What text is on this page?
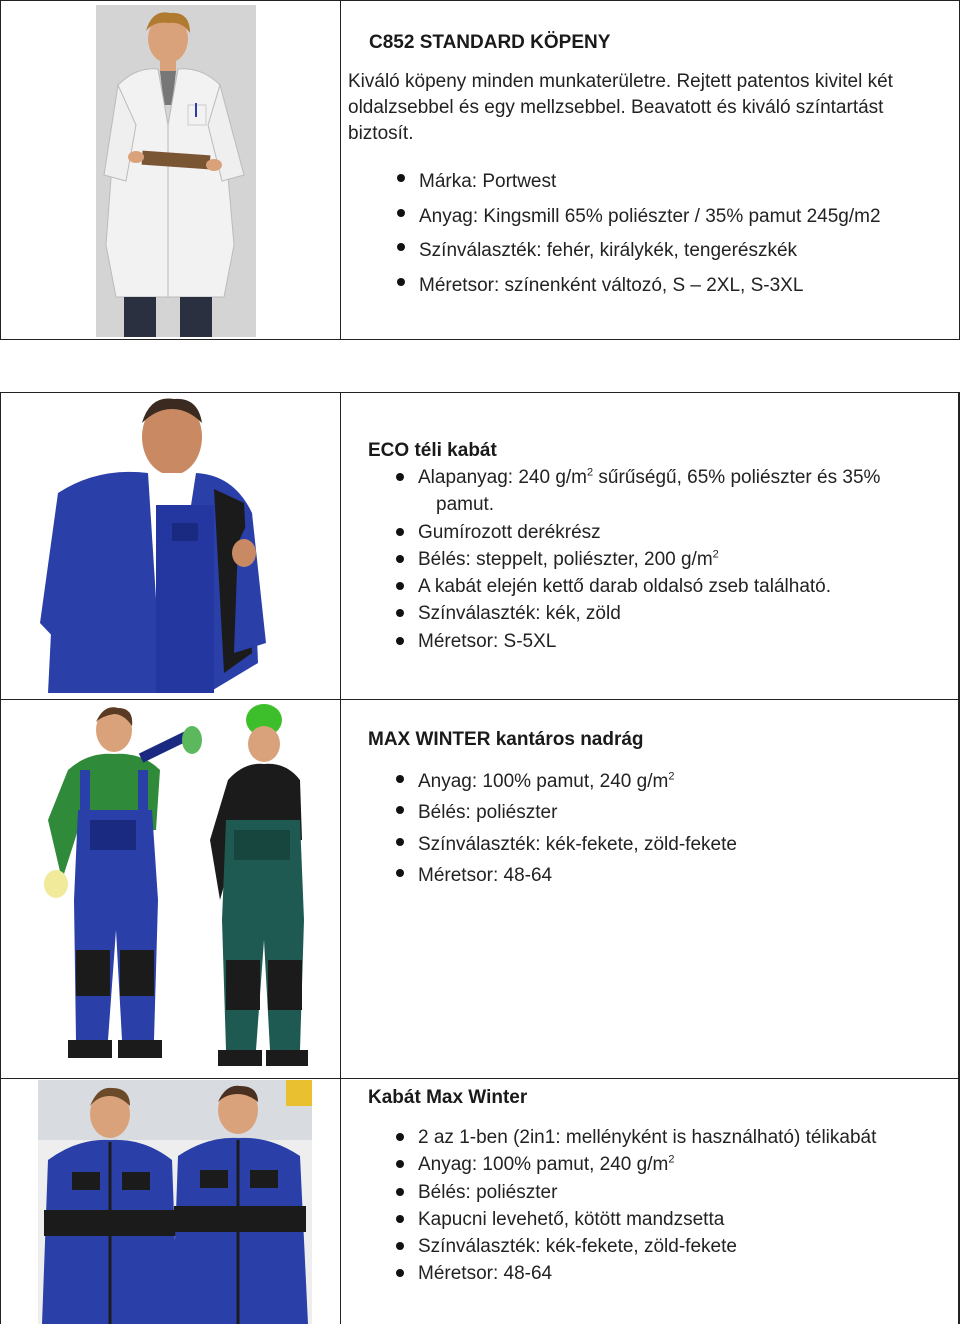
C852 STANDARD KÖPENY
Kiváló köpeny minden munkaterületre. Rejtett patentos kivitel két
oldalzsebbel és egy mellzsebbel. Beavatott és kiváló színtartást
biztosít.
Márka: Portwest
Anyag: Kingsmill 65% poliészter / 35% pamut 245g/m2
Színválaszték: fehér, királykék, tengerészkék
Méretsor: színenként változó, S – 2XL, S-3XL
ECO téli kabát
Alapanyag: 240 $g/m^2$ sűrűségű, 65% poliészter és 35%
pamut.
Gumírozott derékrész
Bélés: steppelt, poliészter, 200 $g/m^2$
A kabát elején kettő darab oldalsó zseb található.
Színválaszték: kék, zöld
Méretsor: S-5XL
MAX WINTER kantáros nadrág
Anyag: 100% pamut, 240 $g/m^2$
Bélés: poliészter
Színválaszték: kék-fekete, zöld-fekete
Méretsor: 48-64
Kabát Max Winter
2 az 1-ben (2in1: mellényként is használható) télikabát
Anyag: 100% pamut, 240 $g/m^2$
Bélés: poliészter
Kapucni levehető, kötött mandzsetta
Színválaszték: kék-fekete, zöld-fekete
Méretsor: 48-64
